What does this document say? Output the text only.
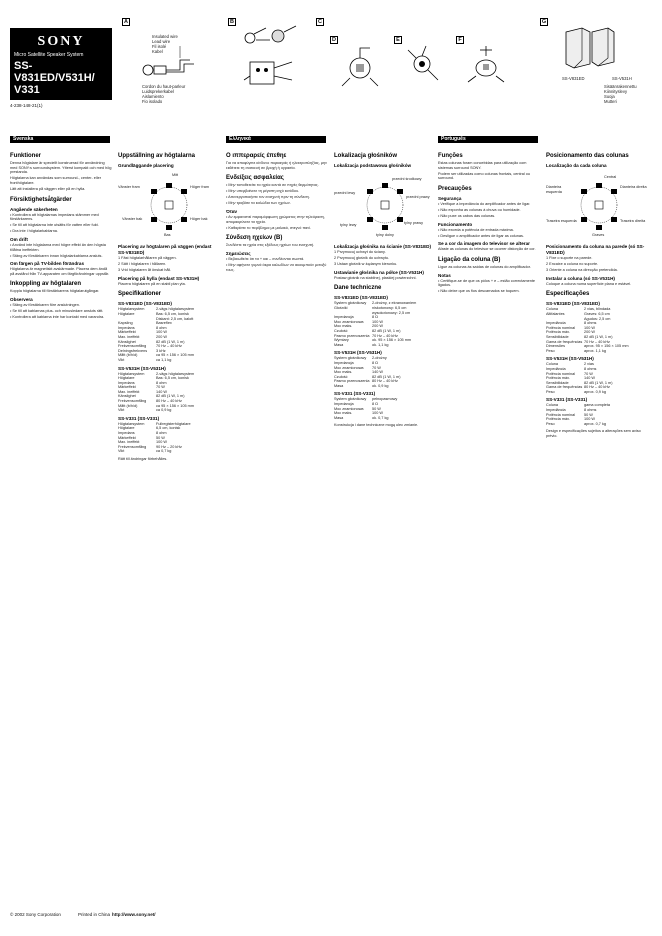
SONY
Micro Satellite Speaker System
SS-V831ED/V531H/
V331
4-238-148-21(1)
A
Insulated wire
Lead wire
Fil isolé
Kabel
Cordon du haut-parleur
Luidsprekerkabel
Aislamiento
Fio isolado
B	C
D	E	F
G
SS-V831ED	SS-V531H
Sisäänrakennettu
Kiinnityslevy
Suoja
Mutteri
Svenska	Ελληνικά	Português
Funktioner

Denna högtalare är speciellt konstruerad för användning med SONY:s surroundsystem. Ytterst kompakt och med hög prestanda.

Högtalarna kan användas som surround-, center- eller fronthögtalare.

Lätt att installera på väggen eller på en hylla.

Försiktighetsåtgärder
Angående säkerheten

• Kontrollera att högtalarnas impedans stämmer med förstärkarens.

• Se till att högtalarna inte utsätts för vatten eller fukt.

• Dra inte i högtalarkablarna.

Om drift

• Använd inte högtalarna med högre effekt än den högsta tillåtna ineffekten.

• Stäng av förstärkaren innan högtalarkablarna ansluts.

Om färgen på TV-bilden förändras

Högtalarna är magnetiskt avskärmade. Placera dem ändå på avstånd från TV-apparaten om färgförändringar uppstår.

Inkoppling av högtalaren

Koppla högtalarna till förstärkarens högtalarutgångar.

Observera

• Stäng av förstärkaren före anslutningen.

• Se till att kablarnas plus- och minusledare ansluts rätt.

• Kontrollera att kablarna inte har kontakt med varandra.

Uppställning av högtalarna
Grundläggande placering
Mitt
Vänster fram	Höger fram
Vänster bak	Höger bak
Bas
Placering av högtalaren på väggen (endast SS-V831ED)

1 Fäst högtalarhållaren på väggen.

2 Sätt i högtalaren i hållaren.

3 Vrid högtalaren åt önskat håll.

Placering på hylla (endast SS-V531H)

Placera högtalaren på en stabil plan yta.

Specifikationer
SS-V831ED (SS-V831ED)
Högtalarsystem	2-vägs högtalarsystem
Högtalare	Bas: 6,5 cm, konisk
Diskant: 2,5 cm, kalott
Kapsling	Basreflex
Impedans	8 ohm
Märkeffekt	100 W
Max. ineffekt	200 W
Känslighet	82 dB (1 W, 1 m)
Frekvensomfång	70 Hz – 40 kHz
Delningsfrekvens	3 kHz
Mått (b/h/d)	ca 95 × 156 × 105 mm
Vikt	ca 1,1 kg
SS-V531H (SS-V531H)
Högtalarsystem	2-vägs högtalarsystem
Högtalare	Bas: 6,5 cm, konisk
Impedans	8 ohm
Märkeffekt	70 W
Max. ineffekt	140 W
Känslighet	82 dB (1 W, 1 m)
Frekvensomfång	80 Hz – 40 kHz
Mått (b/h/d)	ca 95 × 156 × 105 mm
Vikt	ca 0,9 kg
SS-V331 (SS-V331)
Högtalarsystem	Fullregisterhögtalare
Högtalare	6,5 cm, konisk
Impedans	8 ohm
Märkeffekt	50 W
Max. ineffekt	100 W
Frekvensomfång	90 Hz – 20 kHz
Vikt	ca 0,7 kg

Rätt till ändringar förbehålles.

Ο ιππεραρείς έπεθηε

Για να αποφύγετε κίνδυνο πυρκαγιάς ή ηλεκτροπληξίας, μην εκθέτετε τη συσκευή σε βροχή ή υγρασία.

Ενδείξεις ασφαλείας

• Μην τοποθετείτε τα ηχεία κοντά σε πηγές θερμότητας.

• Μην υπερβαίνετε τη μέγιστη ισχύ εισόδου.

• Απενεργοποιήστε τον ενισχυτή πριν τη σύνδεση.

• Μην τραβάτε τα καλώδια των ηχείων.

Όταν

• Αν εμφανιστεί παραμόρφωση χρώματος στην τηλεόραση, απομακρύνετε τα ηχεία.

• Καθαρίστε το περίβλημα με μαλακό, στεγνό πανί.

Σύνδεση ηχείων (B)

Συνδέστε τα ηχεία στις εξόδους ηχείων του ενισχυτή.

Σημειώσεις

• Βεβαιωθείτε ότι τα + και – συνδέονται σωστά.

• Μην αφήνετε γυμνά άκρα καλωδίων να ακουμπούν μεταξύ τους.

Lokalizacja głośników
Lokalizacja podstawowa głośników
przedni środkowy
przedni lewy
przedni prawy
tylny lewy	tylny prawy
tylny dolny
Lokalizacja głośnika na ścianie (SS-V831ED)

1 Przymocuj uchwyt do ściany.

2 Przymocuj głośnik do uchwytu.

3 Ustaw głośnik w żądanym kierunku.

Ustawianie głośnika na półce (SS-V531H)

Postaw głośnik na stabilnej, płaskiej powierzchni.

Dane techniczne
SS-V831ED (SS-V831ED)
System głośnikowy	2-drożny, z ekranowaniem
Głośniki	niskotonowy: 6,5 cm
wysokotonowy: 2,5 cm
Impedancja	8 Ω
Moc znamionowa	100 W
Moc maks.	200 W
Czułość	82 dB (1 W, 1 m)
Pasmo przenoszenia 70 Hz – 40 kHz
Wymiary	ok. 95 × 156 × 105 mm
Masa	ok. 1,1 kg
SS-V531H (SS-V531H)
System głośnikowy	2-drożny
Impedancja	8 Ω
Moc znamionowa	70 W
Moc maks.	140 W
Czułość	82 dB (1 W, 1 m)
Pasmo przenoszenia 80 Hz – 40 kHz
Masa	ok. 0,9 kg
SS-V331 (SS-V331)
System głośnikowy	pełnopasmowy
Impedancja	8 Ω
Moc znamionowa	50 W
Moc maks.	100 W
Masa	ok. 0,7 kg

Konstrukcja i dane techniczne mogą ulec zmianie.

Funções

Estas colunas foram concebidas para utilização com sistemas surround SONY.

Podem ser utilizadas como colunas frontais, central ou surround.

Precauções
Segurança

• Verifique a impedância do amplificador antes de ligar.

• Não exponha as colunas à chuva ou humidade.

• Não puxe os cabos das colunas.

Funcionamento

• Não exceda a potência de entrada máxima.

• Desligue o amplificador antes de ligar as colunas.

Se a cor da imagem do televisor se alterar

Afaste as colunas do televisor se ocorrer distorção de cor.

Ligação da coluna (B)

Ligue as colunas às saídas de colunas do amplificador.

Notas

• Certifique-se de que os pólos + e – estão correctamente ligados.

• Não deixe que os fios descarnados se toquem.

Posicionamento das colunas
Localização da cada coluna
Central
Dianteira esquerda
Dianteira direita
Traseira esquerda	Traseira direita
Graves
Posicionamento da coluna na parede (só SS-V831ED)

1 Fixe o suporte na parede.

2 Encaixe a coluna no suporte.

3 Oriente a coluna na direcção pretendida.

Instalar a coluna (só SS-V531H)

Coloque a coluna numa superfície plana e estável.

Especificações
SS-V831ED (SS-V831ED)
Coluna	2 vias, blindada
Altifalantes	Graves: 6,5 cm
Agudos: 2,5 cm
Impedância	8 ohms
Potência nominal	100 W
Potência máx.	200 W
Sensibilidade	82 dB (1 W, 1 m)
Gama de frequências 70 Hz – 40 kHz
Dimensões	aprox. 95 × 156 × 105 mm
Peso	aprox. 1,1 kg
SS-V531H (SS-V531H)
Coluna	2 vias
Impedância	8 ohms
Potência nominal	70 W
Potência máx.	140 W
Sensibilidade	82 dB (1 W, 1 m)
Gama de frequências 80 Hz – 40 kHz
Peso	aprox. 0,9 kg
SS-V331 (SS-V331)
Coluna	gama completa
Impedância	8 ohms
Potência nominal	50 W
Potência máx.	100 W
Peso	aprox. 0,7 kg

Design e especificações sujeitos a alterações sem aviso prévio.

© 2002 Sony Corporation	Printed in China http://www.sony.net/
